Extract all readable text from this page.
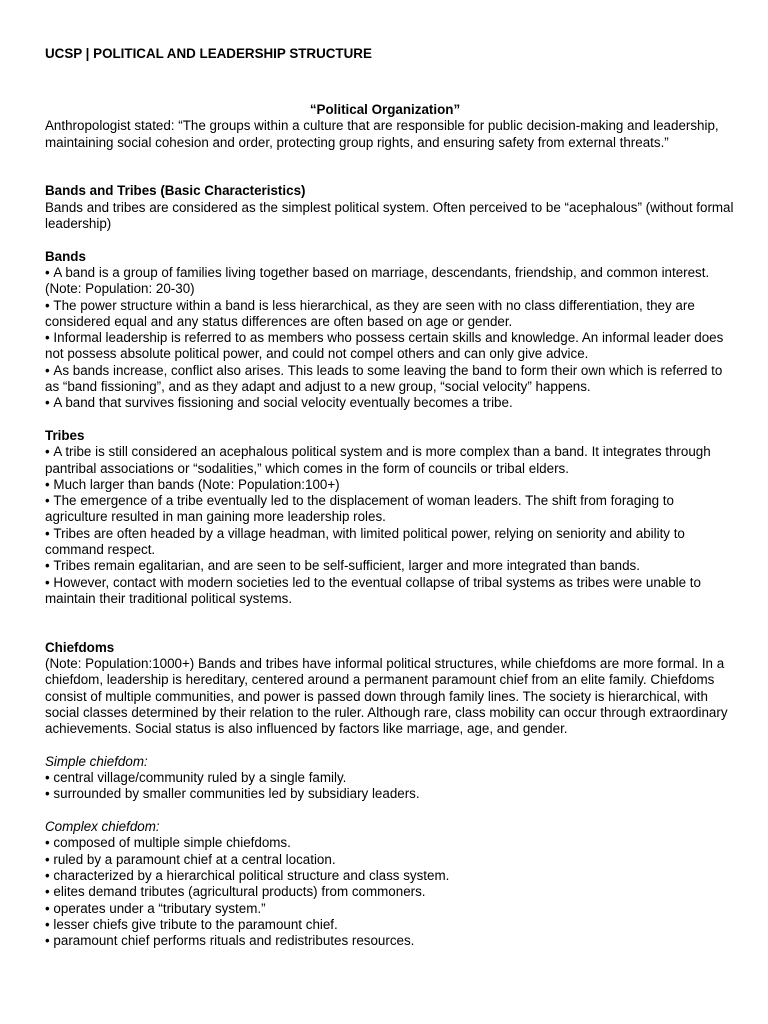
UCSP | POLITICAL AND LEADERSHIP STRUCTURE

“Political Organization”

Anthropologist stated: “The groups within a culture that are responsible for public decision-making and leadership, maintaining social cohesion and order, protecting group rights, and ensuring safety from external threats.”

Bands and Tribes (Basic Characteristics)

Bands and tribes are considered as the simplest political system. Often perceived to be “acephalous” (without formal leadership)

Bands

• A band is a group of families living together based on marriage, descendants, friendship, and common interest.(Note: Population: 20-30)

• The power structure within a band is less hierarchical, as they are seen with no class differentiation, they are considered equal and any status differences are often based on age or gender.

• Informal leadership is referred to as members who possess certain skills and knowledge. An informal leader does not possess absolute political power, and could not compel others and can only give advice.

• As bands increase, conflict also arises. This leads to some leaving the band to form their own which is referred to as “band fissioning”, and as they adapt and adjust to a new group, “social velocity” happens.

• A band that survives fissioning and social velocity eventually becomes a tribe.

Tribes

• A tribe is still considered an acephalous political system and is more complex than a band. It integrates through pantribal associations or “sodalities,” which comes in the form of councils or tribal elders.

• Much larger than bands (Note: Population:100+)

• The emergence of a tribe eventually led to the displacement of woman leaders. The shift from foraging to agriculture resulted in man gaining more leadership roles.

• Tribes are often headed by a village headman, with limited political power, relying on seniority and ability to command respect.

• Tribes remain egalitarian, and are seen to be self-sufficient, larger and more integrated than bands.

• However, contact with modern societies led to the eventual collapse of tribal systems as tribes were unable to maintain their traditional political systems.

Chiefdoms

(Note: Population:1000+) Bands and tribes have informal political structures, while chiefdoms are more formal. In a chiefdom, leadership is hereditary, centered around a permanent paramount chief from an elite family. Chiefdoms consist of multiple communities, and power is passed down through family lines. The society is hierarchical, with social classes determined by their relation to the ruler. Although rare, class mobility can occur through extraordinary achievements. Social status is also influenced by factors like marriage, age, and gender.

Simple chiefdom:

• central village/community ruled by a single family.

• surrounded by smaller communities led by subsidiary leaders.

Complex chiefdom:

• composed of multiple simple chiefdoms.

• ruled by a paramount chief at a central location.

• characterized by a hierarchical political structure and class system.

• elites demand tributes (agricultural products) from commoners.

• operates under a “tributary system.”

• lesser chiefs give tribute to the paramount chief.

• paramount chief performs rituals and redistributes resources.
